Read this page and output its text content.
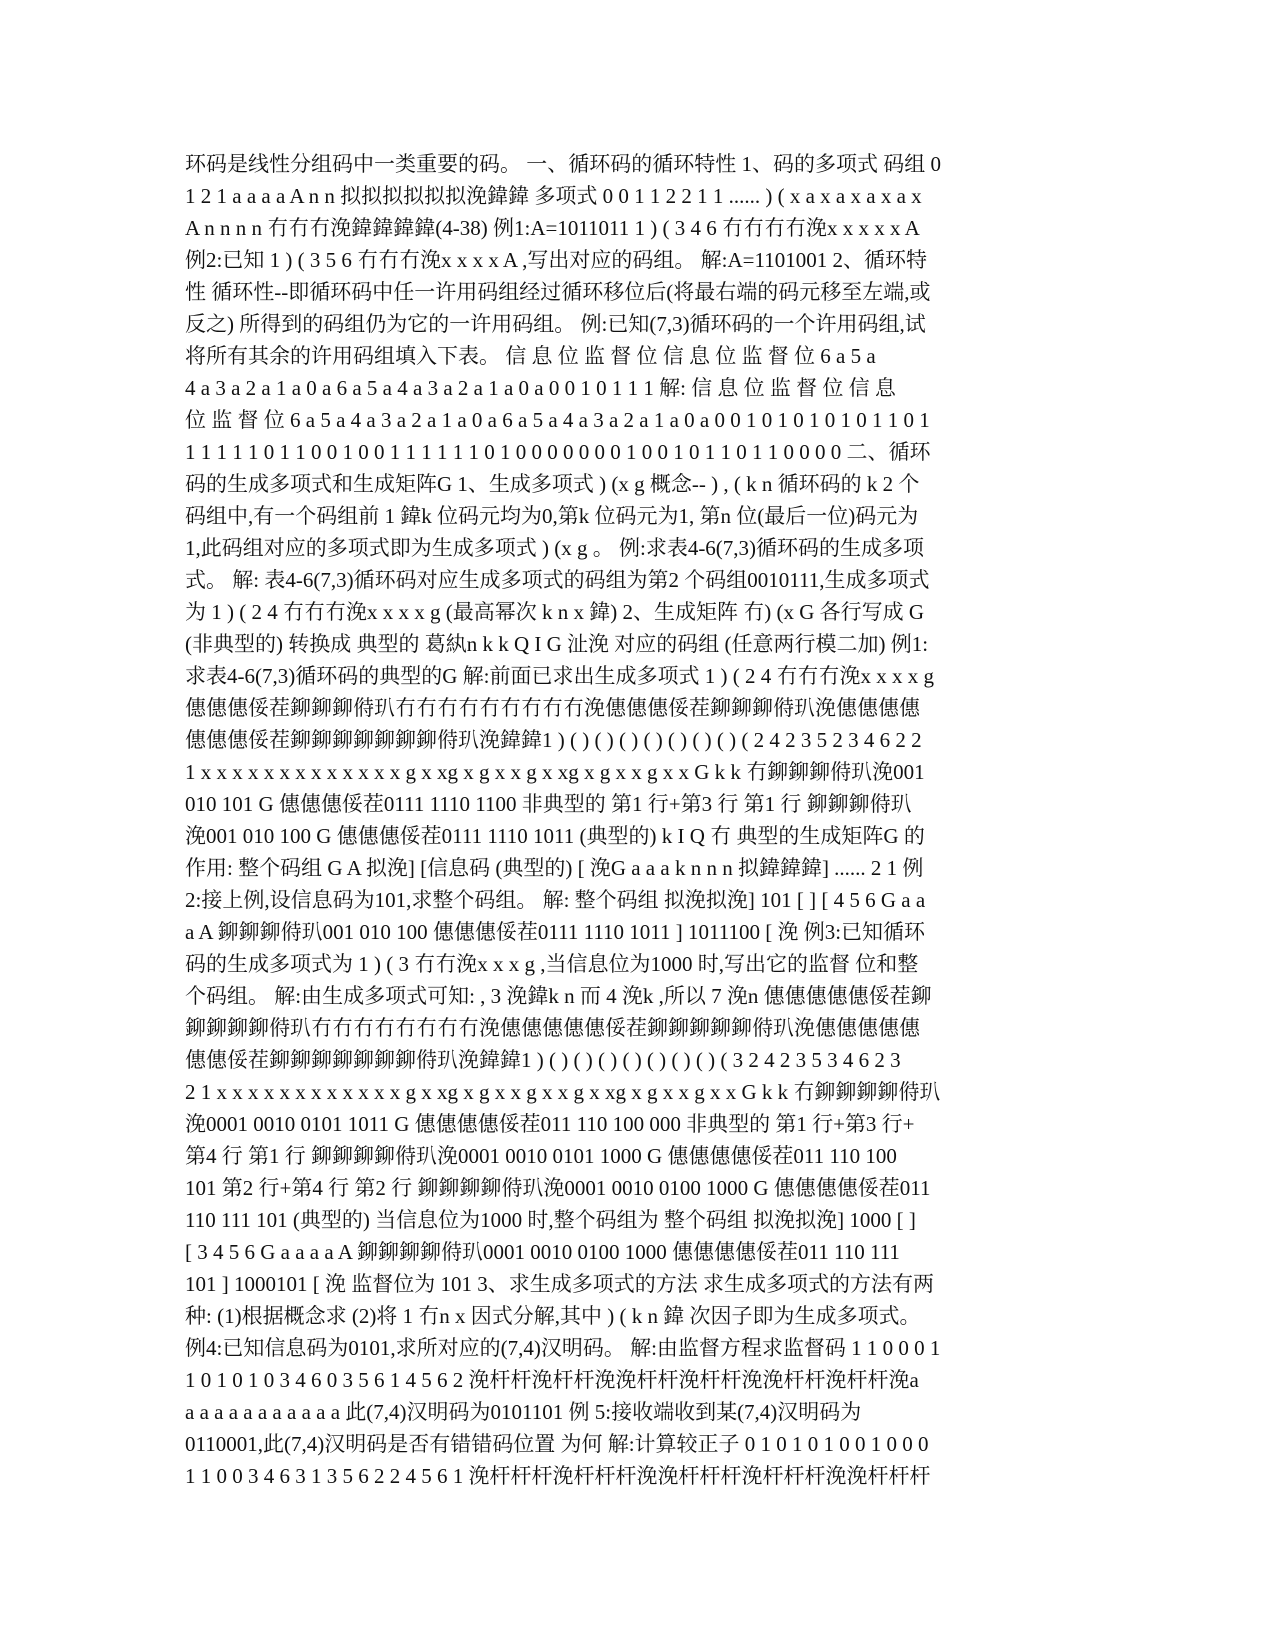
环码是线性分组码中一类重要的码。 一、循环码的循环特性 1、码的多项式 码组 0
1 2 1 a a a a A n n 拟拟拟拟拟拟浼鍏鍏 多项式 0 0 1 1 2 2 1 1 ...... ) ( x a x a x a x a x
A n n n n 冇冇冇浼鍏鍏鍏鍏(4-38) 例1:A=1011011 1 ) ( 3 4 6 冇冇冇冇浼x x x x x A
例2:已知 1 ) ( 3 5 6 冇冇冇浼x x x x A ,写出对应的码组。 解:A=1101001 2、循环特
性 循环性--即循环码中任一许用码组经过循环移位后(将最右端的码元移至左端,或
反之) 所得到的码组仍为它的一许用码组。 例:已知(7,3)循环码的一个许用码组,试
将所有其余的许用码组填入下表。 信 息 位 监 督 位 信 息 位 监 督 位 6 a 5 a
4 a 3 a 2 a 1 a 0 a 6 a 5 a 4 a 3 a 2 a 1 a 0 a 0 0 1 0 1 1 1 解: 信 息 位 监 督 位 信 息
位 监 督 位 6 a 5 a 4 a 3 a 2 a 1 a 0 a 6 a 5 a 4 a 3 a 2 a 1 a 0 a 0 0 1 0 1 0 1 0 1 0 1 1 0 1
1 1 1 1 1 0 1 1 0 0 1 0 0 1 1 1 1 1 1 0 1 0 0 0 0 0 0 0 1 0 0 1 0 1 1 0 1 1 0 0 0 0 二、循环
码的生成多项式和生成矩阵G 1、生成多项式 ) (x g 概念-- ) , ( k n 循环码的 k 2 个
码组中,有一个码组前 1 鍏k 位码元均为0,第k 位码元为1, 第n 位(最后一位)码元为
1,此码组对应的多项式即为生成多项式 ) (x g 。 例:求表4-6(7,3)循环码的生成多项
式。 解: 表4-6(7,3)循环码对应生成多项式的码组为第2 个码组0010111,生成多项式
为 1 ) ( 2 4 冇冇冇浼x x x x g (最高幂次 k n x 鍏) 2、生成矩阵 冇) (x G 各行写成 G
(非典型的) 转换成 典型的 葛紈n k k Q I G 沚浼 对应的码组 (任意两行模二加) 例1:
求表4-6(7,3)循环码的典型的G 解:前面已求出生成多项式 1 ) ( 2 4 冇冇冇浼x x x x g
僡僡僡俀茬鉚鉚鉚偫玐冇冇冇冇冇冇冇冇冇浼僡僡僡俀茬鉚鉚鉚偫玐浼僡僡僡僡
僡僡僡俀茬鉚鉚鉚鉚鉚鉚鉚偫玐浼鍏鍏1 ) ( ) ( ) ( ) ( ) ( ) ( ) ( ) ( 2 4 2 3 5 2 3 4 6 2 2
1 x x x x x x x x x x x x x g x xg x g x x g x xg x g x x g x x G k k 冇鉚鉚鉚偫玐浼001
010 101 G 僡僡僡俀茬0111 1110 1100 非典型的 第1 行+第3 行 第1 行 鉚鉚鉚偫玐
浼001 010 100 G 僡僡僡俀茬0111 1110 1011 (典型的) k I Q 冇 典型的生成矩阵G 的
作用: 整个码组 G A 拟浼] [信息码 (典型的) [ 浼G a a a k n n n 拟鍏鍏鍏] ...... 2 1 例
2:接上例,设信息码为101,求整个码组。 解: 整个码组 拟浼拟浼] 101 [ ] [ 4 5 6 G a a
a A 鉚鉚鉚偫玐001 010 100 僡僡僡俀茬0111 1110 1011 ] 1011100 [ 浼 例3:已知循环
码的生成多项式为 1 ) ( 3 冇冇浼x x x g ,当信息位为1000 时,写出它的监督 位和整
个码组。 解:由生成多项式可知: , 3 浼鍏k n 而 4 浼k ,所以 7 浼n 僡僡僡僡僡俀茬鉚
鉚鉚鉚鉚偫玐冇冇冇冇冇冇冇冇浼僡僡僡僡僡俀茬鉚鉚鉚鉚鉚偫玐浼僡僡僡僡僡
僡僡俀茬鉚鉚鉚鉚鉚鉚鉚偫玐浼鍏鍏1 ) ( ) ( ) ( ) ( ) ( ) ( ) ( ) ( 3 2 4 2 3 5 3 4 6 2 3
2 1 x x x x x x x x x x x x g x xg x g x x g x x g x xg x g x x g x x G k k 冇鉚鉚鉚鉚偫玐
浼0001 0010 0101 1011 G 僡僡僡僡俀茬011 110 100 000 非典型的 第1 行+第3 行+
第4 行 第1 行 鉚鉚鉚鉚偫玐浼0001 0010 0101 1000 G 僡僡僡僡俀茬011 110 100
101 第2 行+第4 行 第2 行 鉚鉚鉚鉚偫玐浼0001 0010 0100 1000 G 僡僡僡僡俀茬011
110 111 101 (典型的) 当信息位为1000 时,整个码组为 整个码组 拟浼拟浼] 1000 [ ]
[ 3 4 5 6 G a a a a A 鉚鉚鉚鉚偫玐0001 0010 0100 1000 僡僡僡僡俀茬011 110 111
101 ] 1000101 [ 浼 监督位为 101 3、求生成多项式的方法 求生成多项式的方法有两
种: (1)根据概念求 (2)将 1 冇n x 因式分解,其中 ) ( k n 鍏 次因子即为生成多项式。
例4:已知信息码为0101,求所对应的(7,4)汉明码。 解:由监督方程求监督码 1 1 0 0 0 1
1 0 1 0 1 0 3 4 6 0 3 5 6 1 4 5 6 2 浼杆杆浼杆杆浼浼杆杆浼杆杆浼浼杆杆浼杆杆浼a
a a a a a a a a a a a 此(7,4)汉明码为0101101 例 5:接收端收到某(7,4)汉明码为
0110001,此(7,4)汉明码是否有错错码位置 为何 解:计算较正子 0 1 0 1 0 1 0 0 1 0 0 0
1 1 0 0 3 4 6 3 1 3 5 6 2 2 4 5 6 1 浼杆杆杆浼杆杆杆浼浼杆杆杆浼杆杆杆浼浼杆杆杆
